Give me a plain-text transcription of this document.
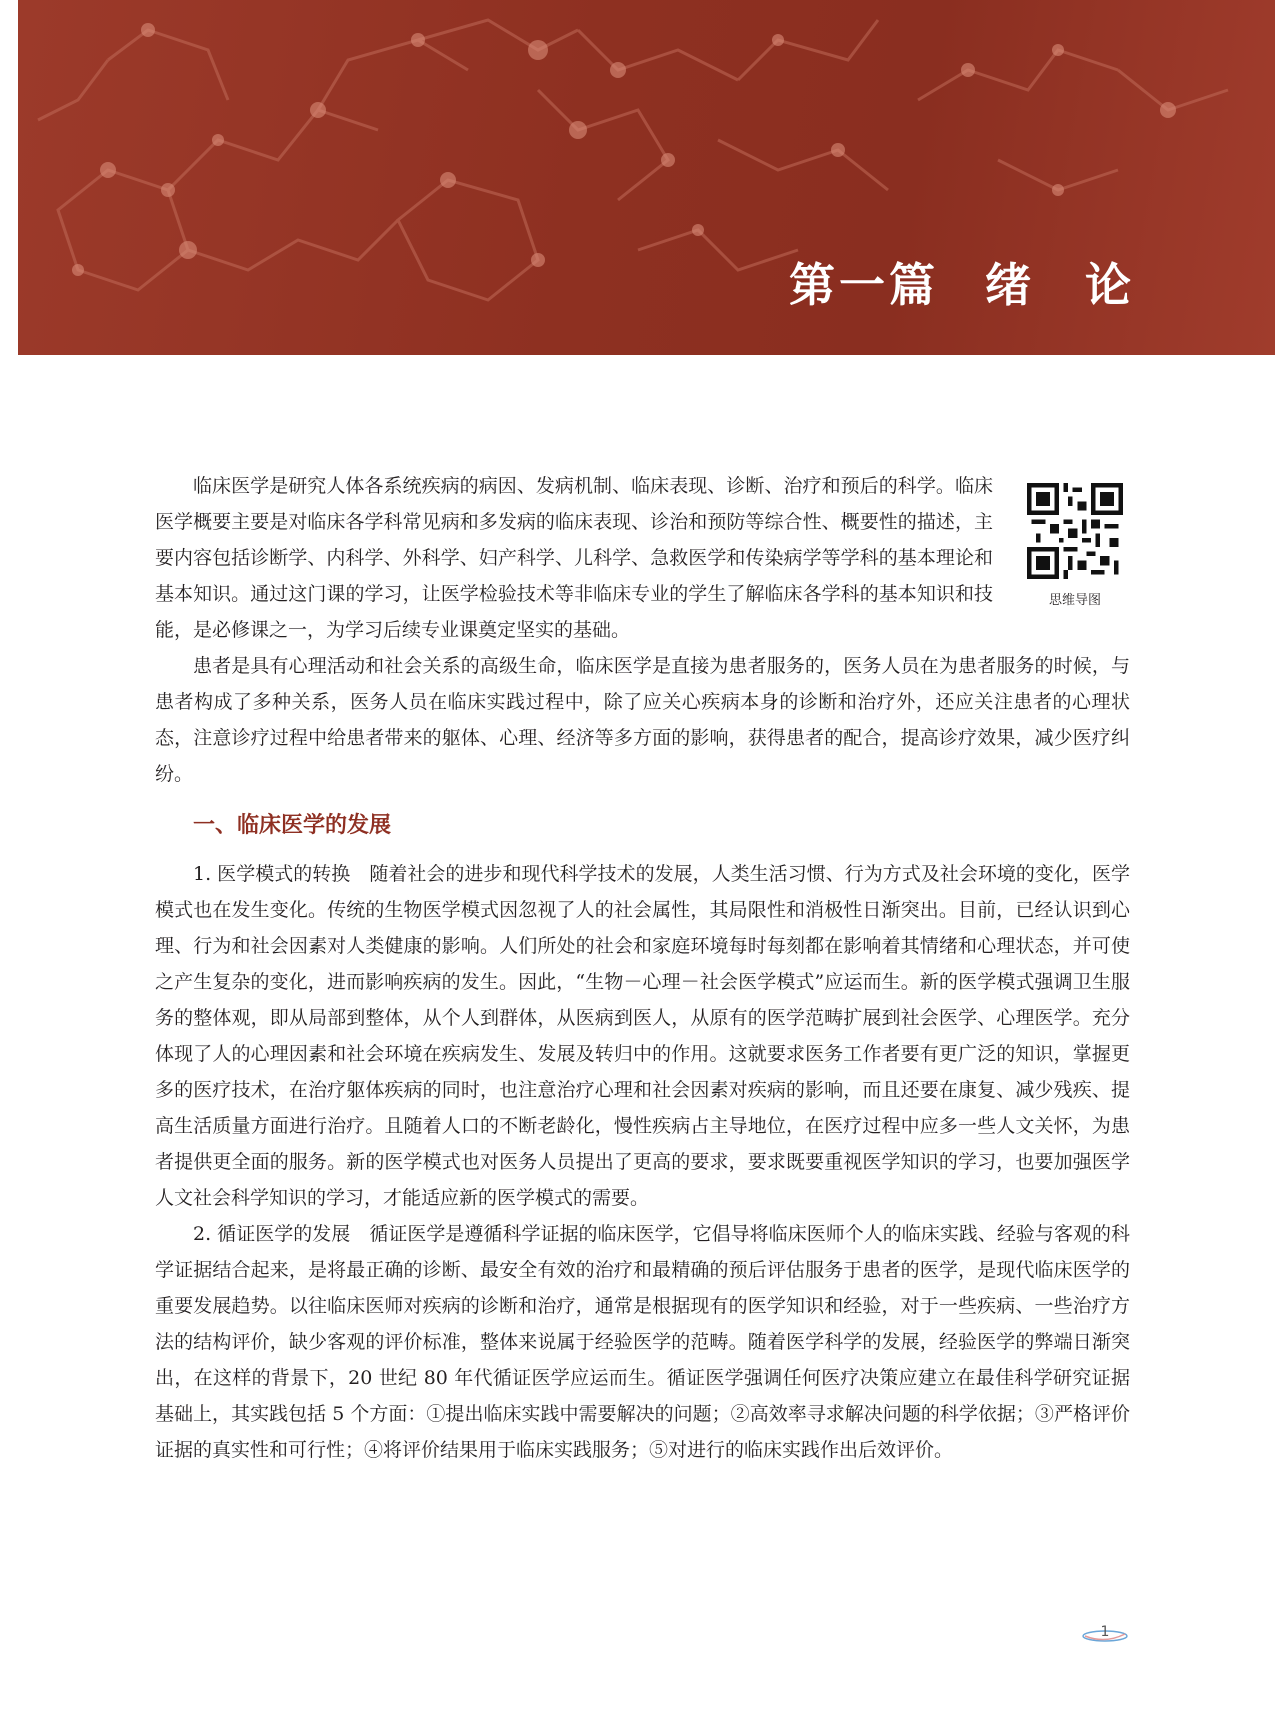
第一篇 绪　论
思维导图

临床医学是研究人体各系统疾病的病因、发病机制、临床表现、诊断、治疗和预后的科学。临床医学概要主要是对临床各学科常见病和多发病的临床表现、诊治和预防等综合性、概要性的描述，主要内容包括诊断学、内科学、外科学、妇产科学、儿科学、急救医学和传染病学等学科的基本理论和基本知识。通过这门课的学习，让医学检验技术等非临床专业的学生了解临床各学科的基本知识和技能，是必修课之一，为学习后续专业课奠定坚实的基础。

患者是具有心理活动和社会关系的高级生命，临床医学是直接为患者服务的，医务人员在为患者服务的时候，与患者构成了多种关系，医务人员在临床实践过程中，除了应关心疾病本身的诊断和治疗外，还应关注患者的心理状态，注意诊疗过程中给患者带来的躯体、心理、经济等多方面的影响，获得患者的配合，提高诊疗效果，减少医疗纠纷。

一、临床医学的发展

1. 医学模式的转换　随着社会的进步和现代科学技术的发展，人类生活习惯、行为方式及社会环境的变化，医学模式也在发生变化。传统的生物医学模式因忽视了人的社会属性，其局限性和消极性日渐突出。目前，已经认识到心理、行为和社会因素对人类健康的影响。人们所处的社会和家庭环境每时每刻都在影响着其情绪和心理状态，并可使之产生复杂的变化，进而影响疾病的发生。因此，“生物－心理－社会医学模式”应运而生。新的医学模式强调卫生服务的整体观，即从局部到整体，从个人到群体，从医病到医人，从原有的医学范畴扩展到社会医学、心理医学。充分体现了人的心理因素和社会环境在疾病发生、发展及转归中的作用。这就要求医务工作者要有更广泛的知识，掌握更多的医疗技术，在治疗躯体疾病的同时，也注意治疗心理和社会因素对疾病的影响，而且还要在康复、减少残疾、提高生活质量方面进行治疗。且随着人口的不断老龄化，慢性疾病占主导地位，在医疗过程中应多一些人文关怀，为患者提供更全面的服务。新的医学模式也对医务人员提出了更高的要求，要求既要重视医学知识的学习，也要加强医学人文社会科学知识的学习，才能适应新的医学模式的需要。

2. 循证医学的发展　循证医学是遵循科学证据的临床医学，它倡导将临床医师个人的临床实践、经验与客观的科学证据结合起来，是将最正确的诊断、最安全有效的治疗和最精确的预后评估服务于患者的医学，是现代临床医学的重要发展趋势。以往临床医师对疾病的诊断和治疗，通常是根据现有的医学知识和经验，对于一些疾病、一些治疗方法的结构评价，缺少客观的评价标准，整体来说属于经验医学的范畴。随着医学科学的发展，经验医学的弊端日渐突出，在这样的背景下，20 世纪 80 年代循证医学应运而生。循证医学强调任何医疗决策应建立在最佳科学研究证据基础上，其实践包括 5 个方面：①提出临床实践中需要解决的问题；②高效率寻求解决问题的科学依据；③严格评价证据的真实性和可行性；④将评价结果用于临床实践服务；⑤对进行的临床实践作出后效评价。

1
